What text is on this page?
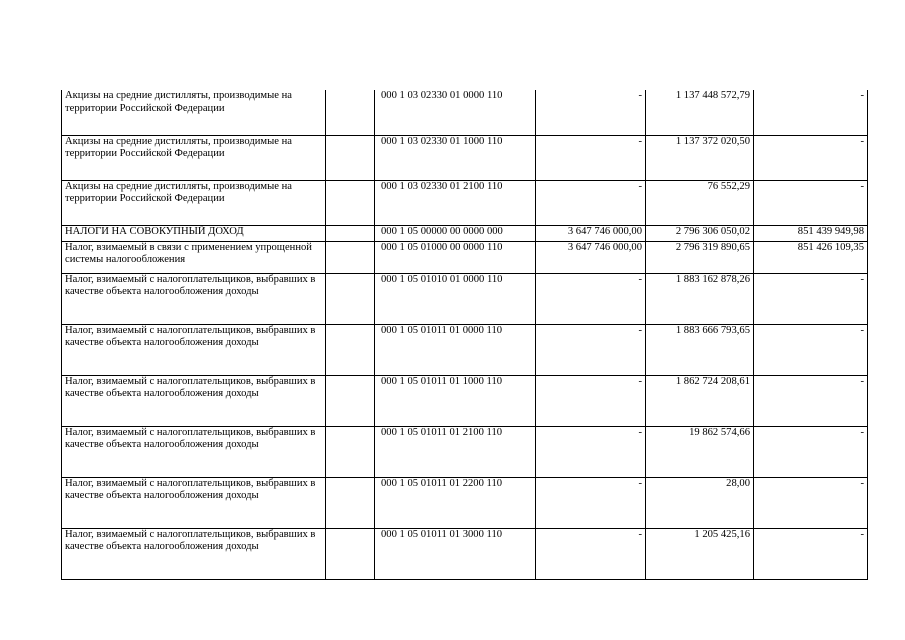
Акцизы на средние дистилляты, производимые на территории Российской Федерации		000 1 03 02330 01 0000 110	-	1 137 448 572,79	-
Акцизы на средние дистилляты, производимые на территории Российской Федерации		000 1 03 02330 01 1000 110	-	1 137 372 020,50	-
Акцизы на средние дистилляты, производимые на территории Российской Федерации		000 1 03 02330 01 2100 110	-	76 552,29	-
НАЛОГИ НА СОВОКУПНЫЙ ДОХОД		000 1 05 00000 00 0000 000	3 647 746 000,00	2 796 306 050,02	851 439 949,98
Налог, взимаемый в связи с применением упрощенной системы налогообложения		000 1 05 01000 00 0000 110	3 647 746 000,00	2 796 319 890,65	851 426 109,35
Налог, взимаемый с налогоплательщиков, выбравших в качестве объекта налогообложения доходы		000 1 05 01010 01 0000 110	-	1 883 162 878,26	-
Налог, взимаемый с налогоплательщиков, выбравших в качестве объекта налогообложения доходы		000 1 05 01011 01 0000 110	-	1 883 666 793,65	-
Налог, взимаемый с налогоплательщиков, выбравших в качестве объекта налогообложения доходы		000 1 05 01011 01 1000 110	-	1 862 724 208,61	-
Налог, взимаемый с налогоплательщиков, выбравших в качестве объекта налогообложения доходы		000 1 05 01011 01 2100 110	-	19 862 574,66	-
Налог, взимаемый с налогоплательщиков, выбравших в качестве объекта налогообложения доходы		000 1 05 01011 01 2200 110	-	28,00	-
Налог, взимаемый с налогоплательщиков, выбравших в качестве объекта налогообложения доходы		000 1 05 01011 01 3000 110	-	1 205 425,16	-
